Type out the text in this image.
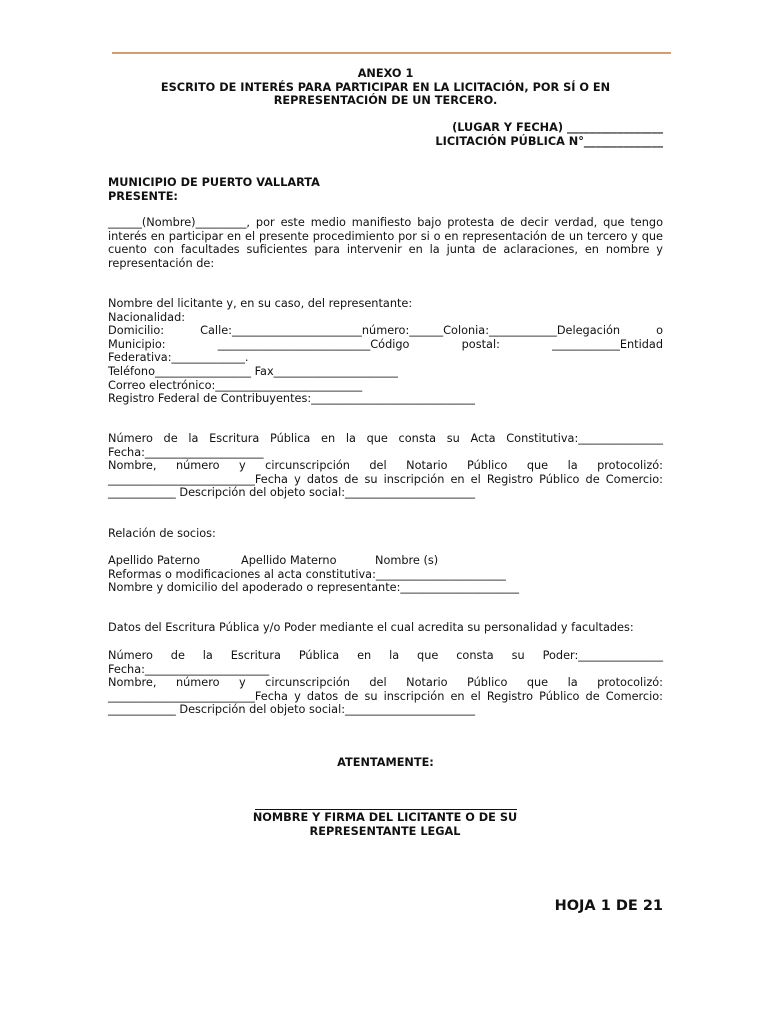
ANEXO 1

ESCRITO DE INTERÉS PARA PARTICIPAR EN LA LICITACIÓN, POR SÍ O EN

REPRESENTACIÓN DE UN TERCERO.

(LUGAR Y FECHA) _________________

LICITACIÓN PÚBLICA N°______________

MUNICIPIO DE PUERTO VALLARTA

PRESENTE:

______(Nombre)_________, por este medio manifiesto bajo protesta de decir verdad, que tengo

interés en participar en el presente procedimiento por si o en representación de un tercero y que

cuento con facultades suficientes para intervenir en la junta de aclaraciones, en nombre y

representación de:

Nombre del licitante y, en su caso, del representante:

Nacionalidad:

Domicilio: Calle:_______________________número:______Colonia:____________Delegación o

Municipio: ___________________________Código postal: ____________Entidad

Federativa:_____________.

Teléfono_________________ Fax______________________

Correo electrónico:__________________________

Registro Federal de Contribuyentes:_____________________________

Número de la Escritura Pública en la que consta su Acta Constitutiva:_______________

Fecha:_____________________

Nombre, número y circunscripción del Notario Público que la protocolizó:

__________________________Fecha y datos de su inscripción en el Registro Público de Comercio:

____________ Descripción del objeto social:_______________________

Relación de socios:

Apellido Paterno	Apellido Materno	Nombre (s)

Reformas o modificaciones al acta constitutiva:_______________________

Nombre y domicilio del apoderado o representante:_____________________

Datos del Escritura Pública y/o Poder mediante el cual acredita su personalidad y facultades:

Número de la Escritura Pública en la que consta su Poder:_______________

Fecha:______________________

Nombre, número y circunscripción del Notario Público que la protocolizó:

__________________________Fecha y datos de su inscripción en el Registro Público de Comercio:

____________ Descripción del objeto social:_______________________

ATENTAMENTE:

NOMBRE Y FIRMA DEL LICITANTE O DE SU

REPRESENTANTE LEGAL

HOJA 1 DE 21
